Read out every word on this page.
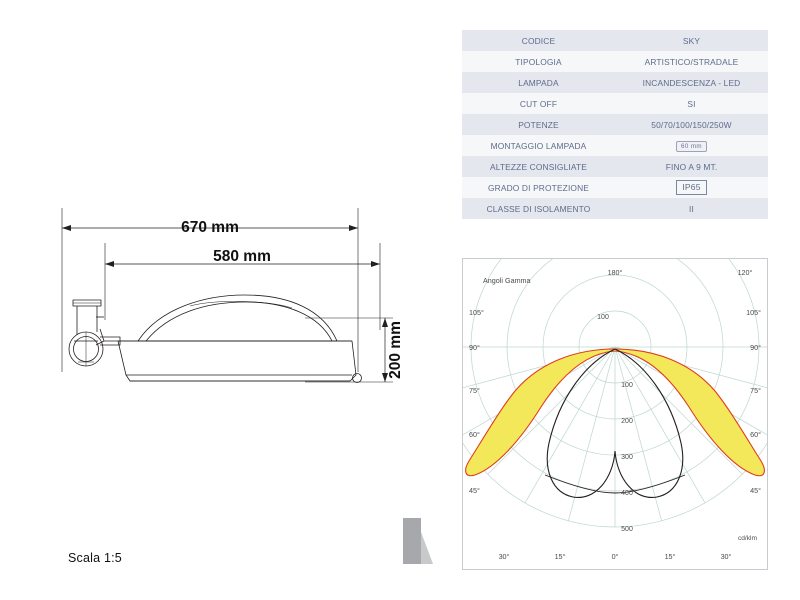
670 mm
580 mm
200 mm
Scala 1:5
CODICE	SKY
TIPOLOGIA	ARTISTICO/STRADALE
LAMPADA	INCANDESCENZA - LED
CUT OFF	SI
POTENZE	50/70/100/150/250W
MONTAGGIO LAMPADA	60 mm
ALTEZZE CONSIGLIATE	FINO A 9 MT.
GRADO DI PROTEZIONE	IP65
CLASSE DI ISOLAMENTO	II
100
100
200
300
400
500
Angoli Gamma
180°	120°
105°
90°
75°
60°
45°
105°
90°
75°
60°
45°
30°	15°	0°	15°	30°
cd/klm
